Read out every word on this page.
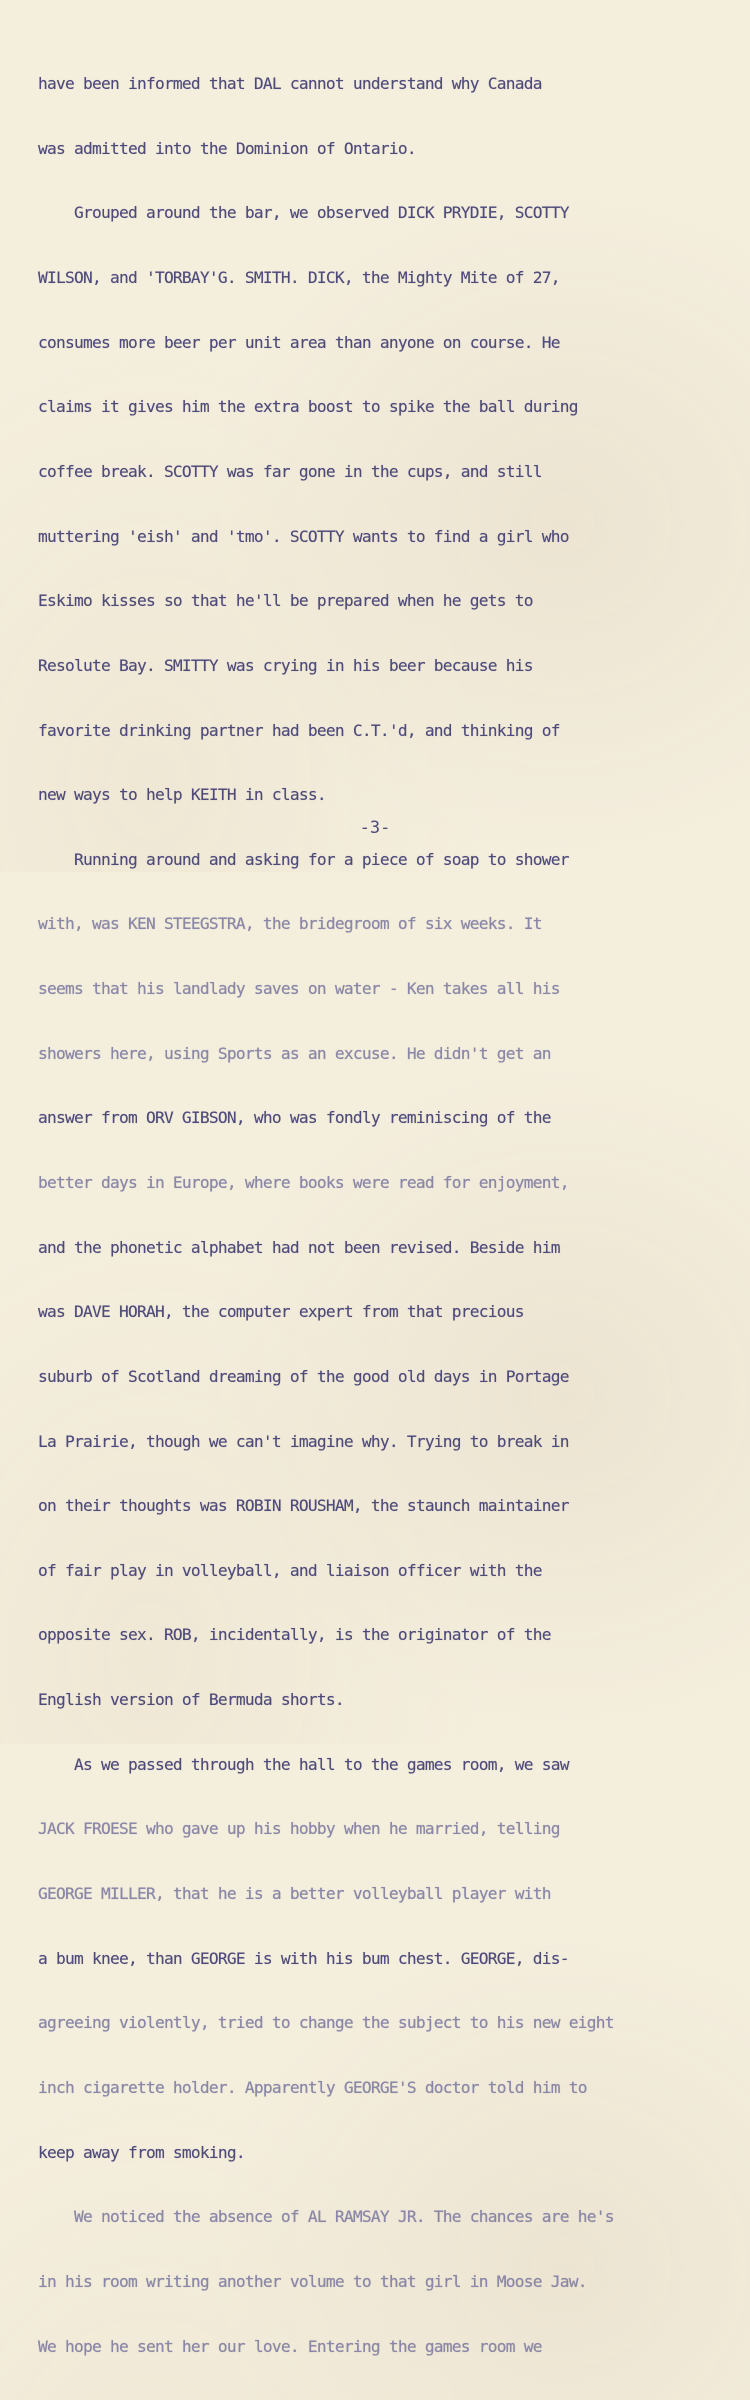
have been informed that DAL cannot understand why Canada

was admitted into the Dominion of Ontario.

Grouped around the bar, we observed DICK PRYDIE, SCOTTY

WILSON, and 'TORBAY'G. SMITH. DICK, the Mighty Mite of 27,

consumes more beer per unit area than anyone on course. He

claims it gives him the extra boost to spike the ball during

coffee break. SCOTTY was far gone in the cups, and still

muttering 'eish' and 'tmo'. SCOTTY wants to find a girl who

Eskimo kisses so that he'll be prepared when he gets to

Resolute Bay. SMITTY was crying in his beer because his

favorite drinking partner had been C.T.'d, and thinking of

new ways to help KEITH in class.

Running around and asking for a piece of soap to shower

with, was KEN STEEGSTRA, the bridegroom of six weeks. It

seems that his landlady saves on water - Ken takes all his

showers here, using Sports as an excuse. He didn't get an

answer from ORV GIBSON, who was fondly reminiscing of the

better days in Europe, where books were read for enjoyment,

and the phonetic alphabet had not been revised. Beside him

was DAVE HORAH, the computer expert from that precious

suburb of Scotland dreaming of the good old days in Portage

La Prairie, though we can't imagine why. Trying to break in

on their thoughts was ROBIN ROUSHAM, the staunch maintainer

of fair play in volleyball, and liaison officer with the

opposite sex. ROB, incidentally, is the originator of the

English version of Bermuda shorts.

As we passed through the hall to the games room, we saw

JACK FROESE who gave up his hobby when he married, telling

GEORGE MILLER, that he is a better volleyball player with

a bum knee, than GEORGE is with his bum chest. GEORGE, dis-

agreeing violently, tried to change the subject to his new eight

inch cigarette holder. Apparently GEORGE'S doctor told him to

keep away from smoking.

We noticed the absence of AL RAMSAY JR. The chances are he's

in his room writing another volume to that girl in Moose Jaw.

We hope he sent her our love. Entering the games room we

-3-
